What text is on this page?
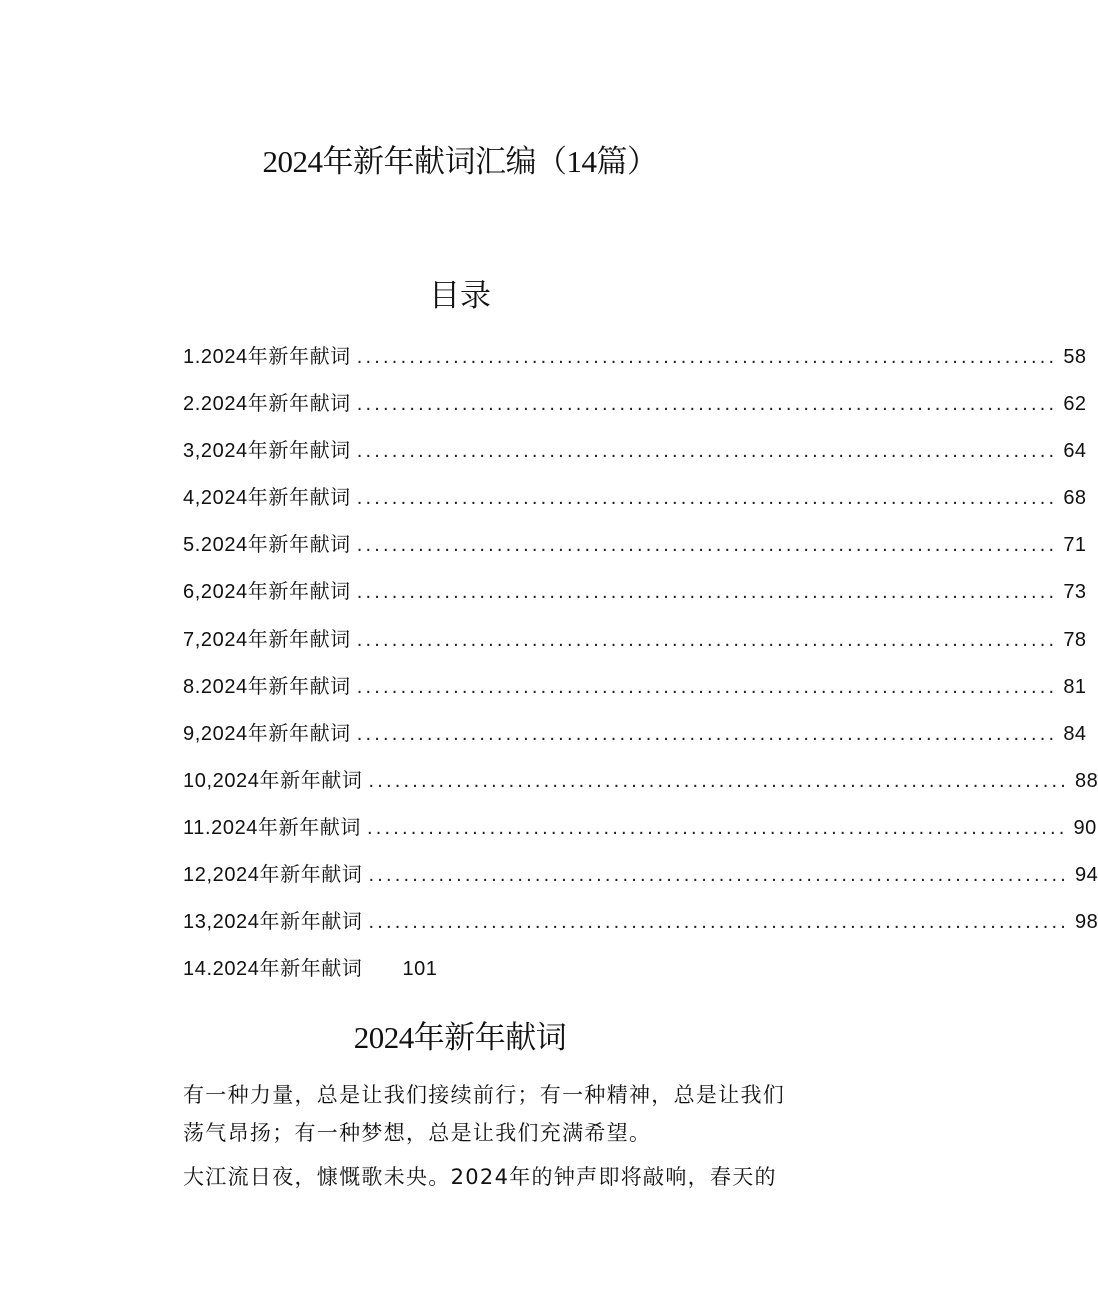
2024年新年献词汇编（14篇）
目录
1.2024年新年献词 ................................................................................ 58
2.2024年新年献词 ................................................................................ 62
3,2024年新年献词 ................................................................................ 64
4,2024年新年献词 ................................................................................ 68
5.2024年新年献词 ................................................................................ 71
6,2024年新年献词 ................................................................................ 73
7,2024年新年献词 ................................................................................ 78
8.2024年新年献词 ................................................................................ 81
9,2024年新年献词 ................................................................................ 84
10,2024年新年献词 ................................................................................ 88
11.2024年新年献词 ................................................................................ 90
12,2024年新年献词 ................................................................................ 94
13,2024年新年献词 ................................................................................ 98
14.2024年新年献词 101
2024年新年献词

有一种力量，总是让我们接续前行；有一种精神，总是让我们荡气昂扬；有一种梦想，总是让我们充满希望。

大江流日夜，慷慨歌未央。2024年的钟声即将敲响，春天的
